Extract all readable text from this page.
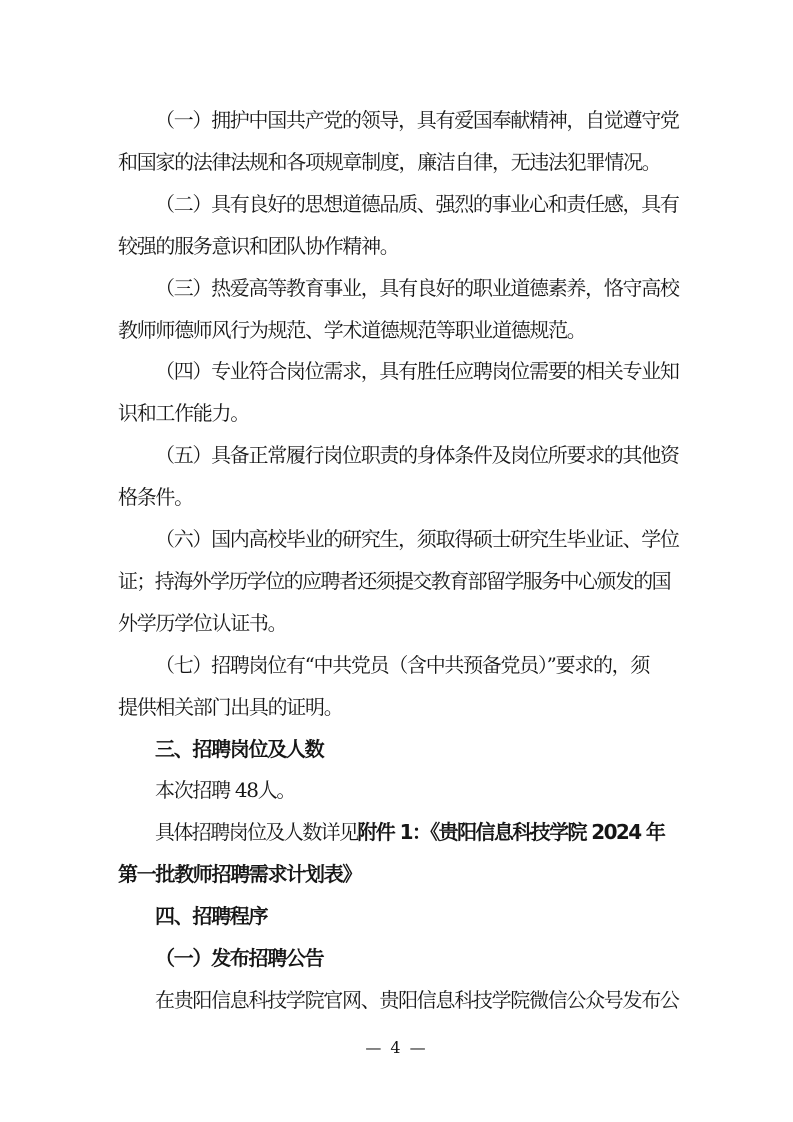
（一）拥护中国共产党的领导，具有爱国奉献精神，自觉遵守党
和国家的法律法规和各项规章制度，廉洁自律，无违法犯罪情况。
（二）具有良好的思想道德品质、强烈的事业心和责任感，具有
较强的服务意识和团队协作精神。
（三）热爱高等教育事业，具有良好的职业道德素养，恪守高校
教师师德师风行为规范、学术道德规范等职业道德规范。
（四）专业符合岗位需求，具有胜任应聘岗位需要的相关专业知
识和工作能力。
（五）具备正常履行岗位职责的身体条件及岗位所要求的其他资
格条件。
（六）国内高校毕业的研究生，须取得硕士研究生毕业证、学位
证；持海外学历学位的应聘者还须提交教育部留学服务中心颁发的国
外学历学位认证书。
（七）招聘岗位有“中共党员（含中共预备党员）”要求的，须
提供相关部门出具的证明。
三、招聘岗位及人数
本次招聘 48人。
具体招聘岗位及人数详见附件 1：《贵阳信息科技学院 2024 年
第一批教师招聘需求计划表》
四、招聘程序
（一）发布招聘公告
在贵阳信息科技学院官网、贵阳信息科技学院微信公众号发布公
— 4 —
